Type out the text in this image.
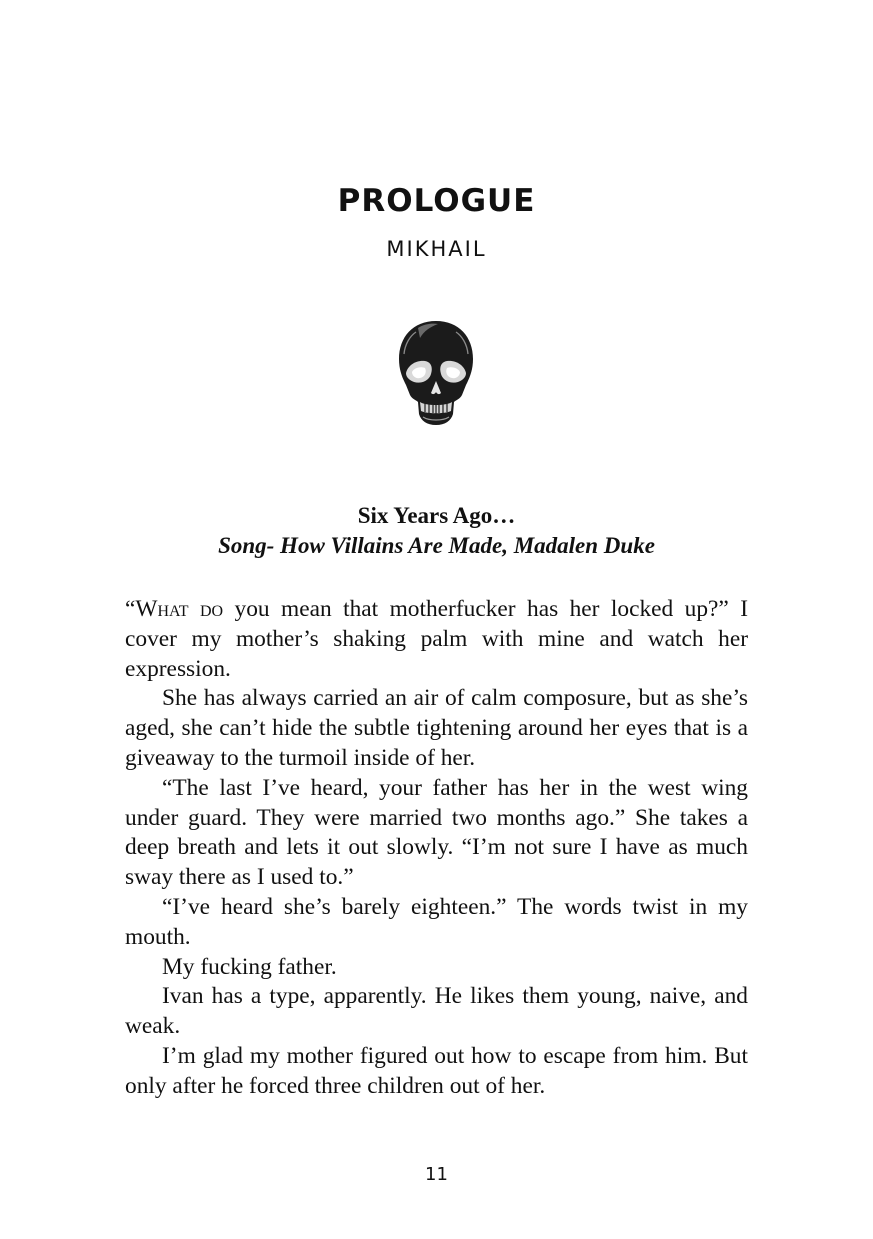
PROLOGUE
MIKHAIL
Six Years Ago…
Song- How Villains Are Made, Madalen Duke

“What do you mean that motherfucker has her locked up?” I cover my mother’s shaking palm with mine and watch her expression.

She has always carried an air of calm composure, but as she’s aged, she can’t hide the subtle tightening around her eyes that is a giveaway to the turmoil inside of her.

“The last I’ve heard, your father has her in the west wing under guard. They were married two months ago.” She takes a deep breath and lets it out slowly. “I’m not sure I have as much sway there as I used to.”

“I’ve heard she’s barely eighteen.” The words twist in my mouth.

My fucking father.

Ivan has a type, apparently. He likes them young, naive, and weak.

I’m glad my mother figured out how to escape from him. But only after he forced three children out of her.

11
